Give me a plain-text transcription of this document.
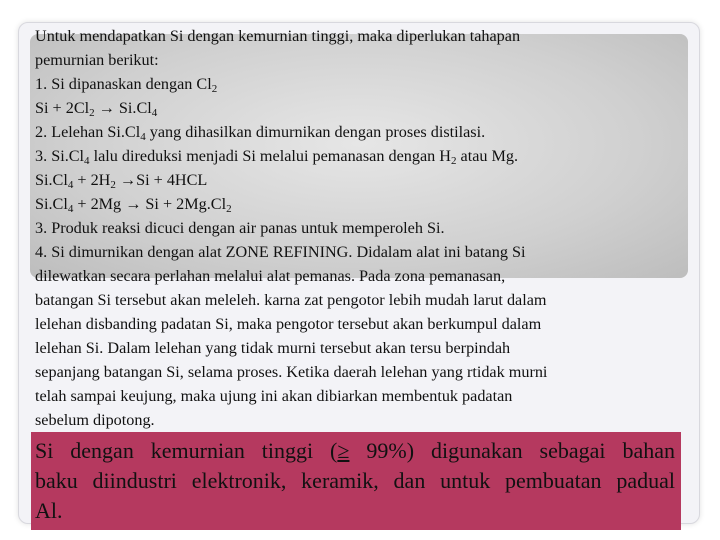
Untuk mendapatkan Si dengan kemurnian tinggi, maka diperlukan tahapan
pemurnian berikut:
1. Si dipanaskan dengan $Cl_2$
$Si + 2Cl_2 \to Si.Cl_4$
2. Lelehan $Si.Cl_4$ yang dihasilkan dimurnikan dengan proses distilasi.
3. $Si.Cl_4$ lalu direduksi menjadi Si melalui pemanasan dengan $H_2$ atau Mg.
$Si.Cl_4 + 2H_2 \to Si + 4HCL$
$Si.Cl_4 + 2Mg \to Si + 2Mg.Cl_2$
3. Produk reaksi dicuci dengan air panas untuk memperoleh Si.
4. Si dimurnikan dengan alat ZONE REFINING. Didalam alat ini batang Si
dilewatkan secara perlahan melalui alat pemanas. Pada zona pemanasan,
batangan Si tersebut akan meleleh. karna zat pengotor lebih mudah larut dalam
lelehan disbanding padatan Si, maka pengotor tersebut akan berkumpul dalam
lelehan Si. Dalam lelehan yang tidak murni tersebut akan tersu berpindah
sepanjang batangan Si, selama proses. Ketika daerah lelehan yang rtidak murni
telah sampai keujung, maka ujung ini akan dibiarkan membentuk padatan
sebelum dipotong.
Si dengan kemurnian tinggi (≥ 99%) digunakan sebagai bahan
baku diindustri elektronik, keramik, dan untuk pembuatan padual
Al.
